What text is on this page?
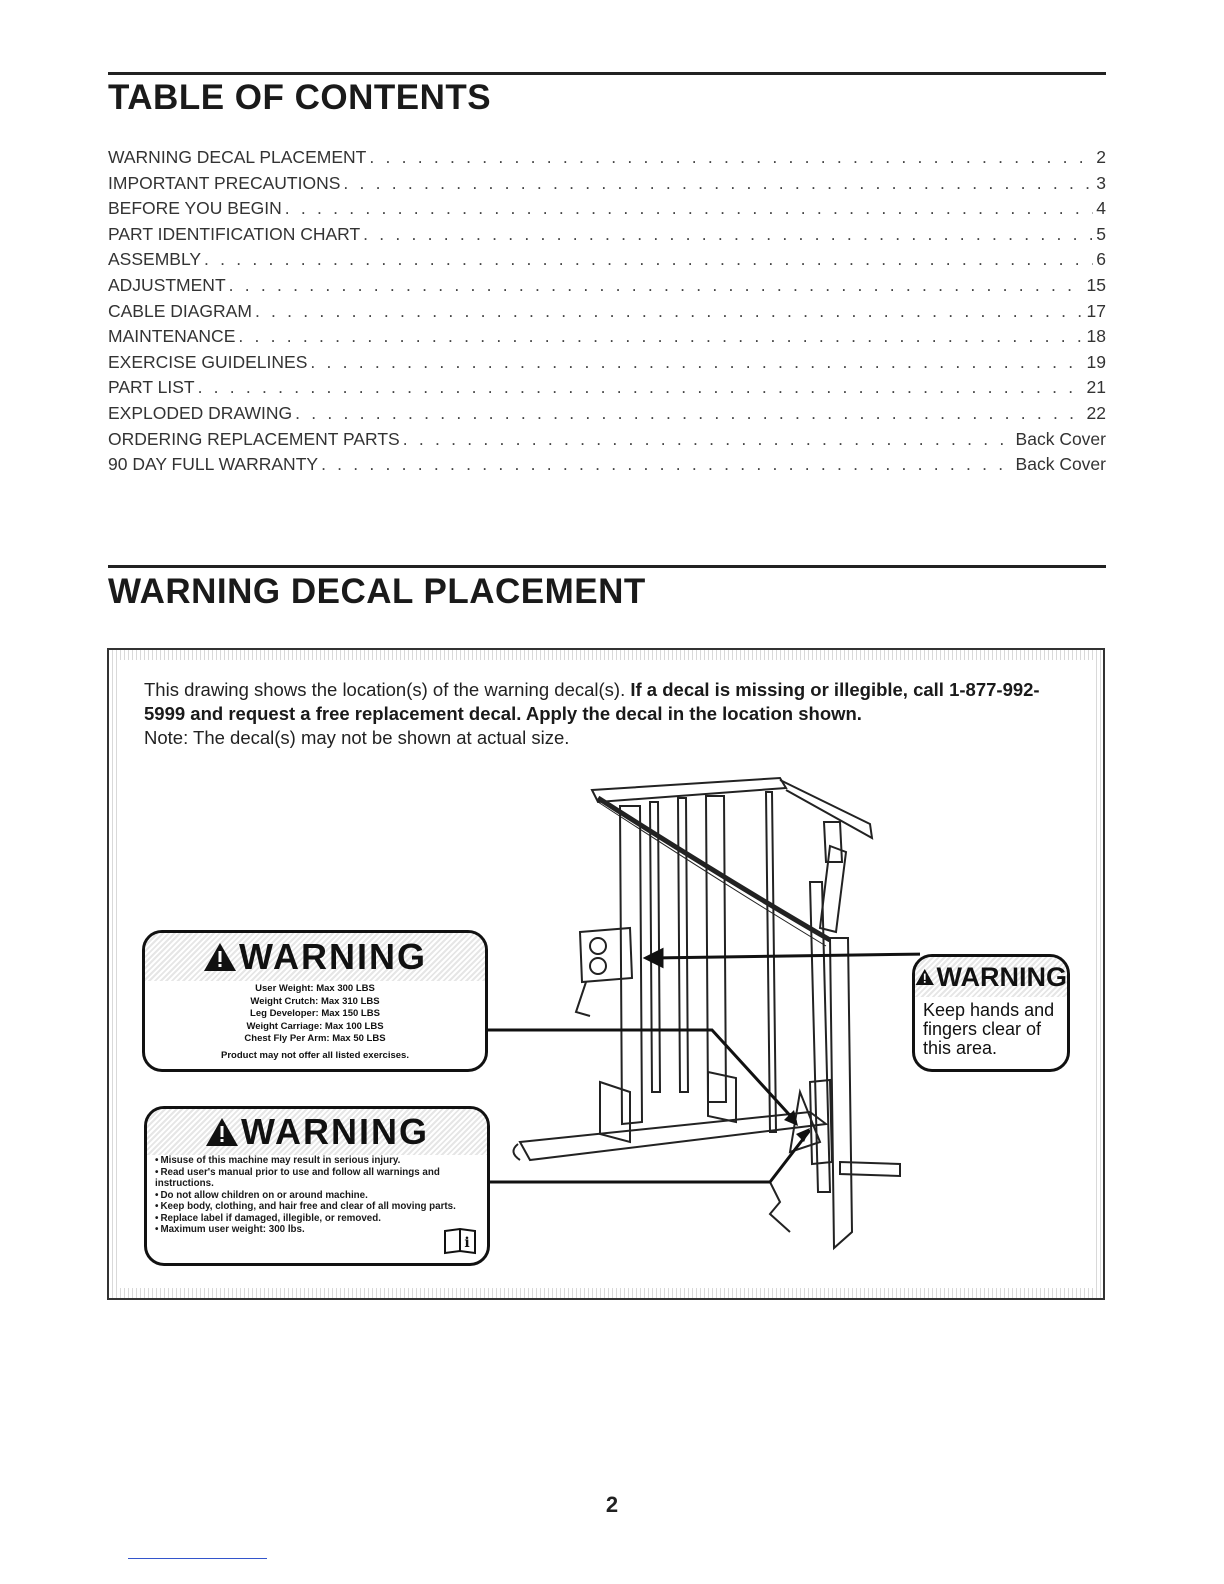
TABLE OF CONTENTS
WARNING DECAL PLACEMENT . . .	2
IMPORTANT PRECAUTIONS . . .	3
BEFORE YOU BEGIN . . .	4
PART IDENTIFICATION CHART . . .	5
ASSEMBLY . . .	6
ADJUSTMENT . . .	15
CABLE DIAGRAM . . .	17
MAINTENANCE . . .	18
EXERCISE GUIDELINES . . .	19
PART LIST . . .	21
EXPLODED DRAWING . . .	22
ORDERING REPLACEMENT PARTS . . .	Back Cover
90 DAY FULL WARRANTY . . .	Back Cover
WARNING DECAL PLACEMENT
This drawing shows the location(s) of the warning decal(s). If a decal is missing or illegible, call 1-877-992-5999 and request a free replacement decal. Apply the decal in the location shown.
Note: The decal(s) may not be shown at actual size.
WARNING
User Weight: Max 300 LBS
Weight Crutch: Max 310 LBS
Leg Developer: Max 150 LBS
Weight Carriage: Max 100 LBS
Chest Fly Per Arm: Max 50 LBS
Product may not offer all listed exercises.
WARNING
• Misuse of this machine may result in serious injury.
• Read user's manual prior to use and follow all warnings and instructions.
• Do not allow children on or around machine.
• Keep body, clothing, and hair free and clear of all moving parts.
• Replace label if damaged, illegible, or removed.
• Maximum user weight: 300 lbs.
i
WARNING
Keep hands and fingers clear of this area.
2
